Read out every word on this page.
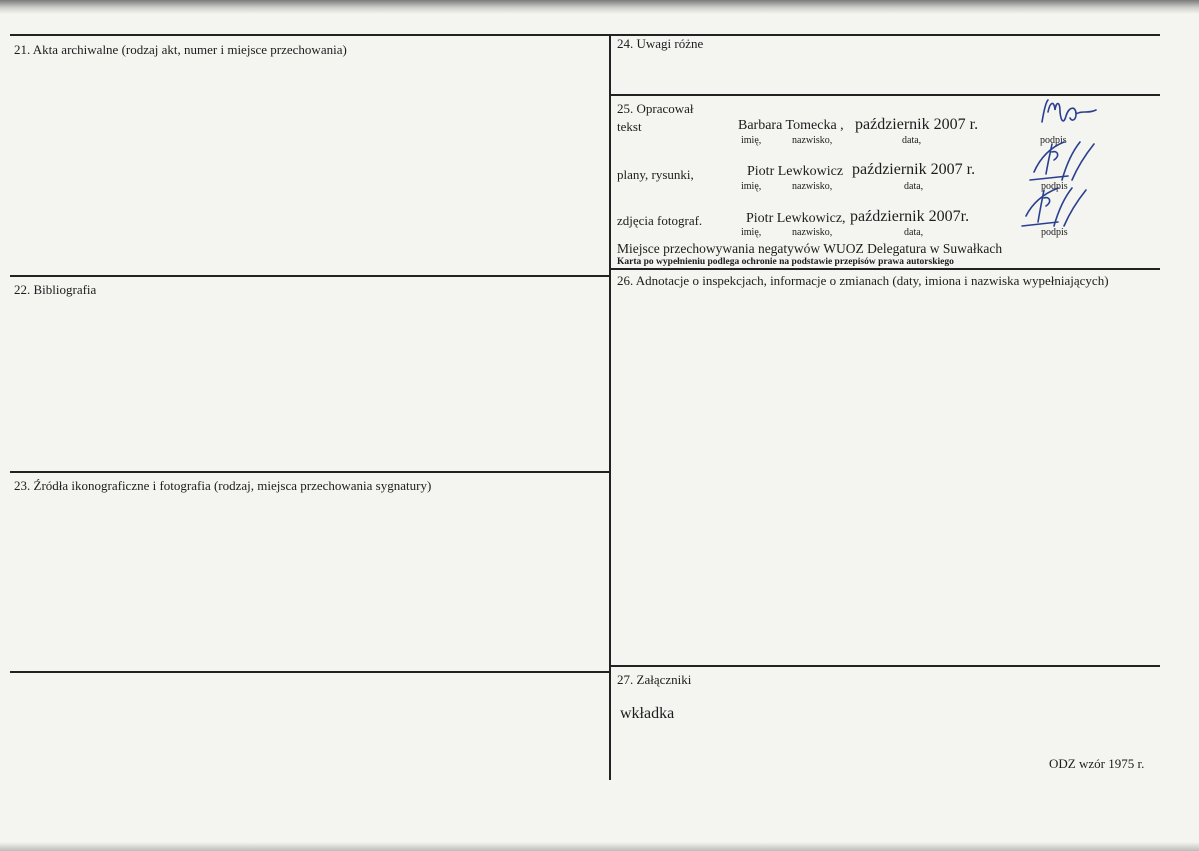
21. Akta archiwalne (rodzaj akt, numer i miejsce przechowania)
22. Bibliografia
23. Źródła ikonograficzne i fotografia (rodzaj, miejsca przechowania sygnatury)
24. Uwagi różne
25. Opracował
tekst	Barbara Tomecka , październik 2007 r.
imię,	nazwisko,	data,	podpis
plany, rysunki,	Piotr Lewkowicz październik 2007 r.
imię,	nazwisko,	data,	podpis
zdjęcia fotograf.	Piotr Lewkowicz, październik 2007r.
imię,	nazwisko,	data,	podpis
Miejsce przechowywania negatywów WUOZ Delegatura w Suwałkach
Karta po wypełnieniu podlega ochronie na podstawie przepisów prawa autorskiego
26. Adnotacje o inspekcjach, informacje o zmianach (daty, imiona i nazwiska wypełniających)
27. Załączniki
wkładka
ODZ wzór 1975 r.
